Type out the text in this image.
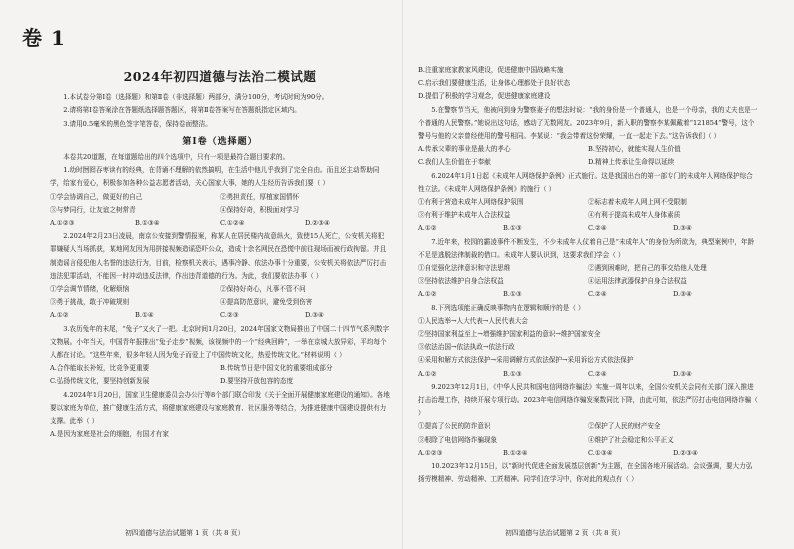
卷 1
2024年初四道德与法治二模试题

1.本试卷分第Ⅰ卷（选择题）和第Ⅱ卷（非选择题）两部分，满分100分，考试时间为90分。

2.请将第Ⅰ卷答案涂在答题纸选择题答题区，将第Ⅱ卷答案写在答题纸指定区域内。

3.请用0.5毫米的黑色签字笔答卷，保持卷面整洁。

第Ⅰ卷（选择题）

本卷共20道题，在每道题给出的四个选项中，只有一项是最符合题目要求的。

1.幼时囫囵吞枣读有的经典，在背诵不理解的依然搞明，在生活中他儿乎我到了完全自由。而且还主动帮助同学，给家有爱心，积极参加各种公益志愿者活动，关心国家大事，她的人生经历告诉我们要（ ）

①学会协调自己，做更好的自己	②勇担责任，厚植家国情怀
③与梦同行，让友谊之树常青	④保持好奇，积极面对学习
A.①②③	B.①③④	C.①②④	D.②③④

2.2024年2月23日凌晨，南京公安接到警情报案，称某人在居民楼内故意纵火，致使15人死亡，公安机关将犯罪嫌疑人当场抓获，某地网友因为用拼接视频造谣恐吓公众，造成十余名网民在恐慌中前往现场而被行政拘留。并且制造谣言侵犯他人名誉的违法行为，目前，检察机关表示，遇事冷静、依法办事十分重要，公安机关将依法严厉打击违法犯罪活动，不能因一时冲动违反法律，作出违背道德的行为。为此，我们要依法办事（ ）

①学会调节情绪，化解烦恼	②保持好奇心，凡事不管不问
③勇于挑战，敢于冲破规则	④提高防范意识，避免受到伤害
A.①②	B.①④	C.②③	D.③④

3.农历兔年的末尾，“兔子”又火了一把。北京时间1月20日，2024年国家文物局推出了中国二十四节气系列数字文物展。小年当天，中国青年报推出“兔子走步”视频，该视频中的一个“经典回眸”，一举在京城大放异彩，平均每个人都在讨论。“这些年来，很多年轻人因为兔子而爱上了中国传统文化，热爱传统文化。”材料说明（ ）

A.合作能取长补短，比竞争更重要	B.传统节日是中国文化的重要组成部分
C.弘扬传统文化，要坚持创新发展	D.要坚持开放包容的态度

4.2024年1月20日，国家卫生健康委员会办公厅等8个部门联合印发《关于全面开展健康家庭建设的通知》。各地要以家庭为单位，推广健康生活方式，将健康家庭建设与家庭教育、社区服务等结合，为推进健康中国建设提供有力支撑。此举（ ）

A.是因为家庭是社会的细胞，有国才有家

B.注重家庭家教家风建设，促进健康中国战略实施

C.启示我们要健康生活，让身体心理都处于良好状态

D.提倡了积极的学习观念，促进健康家庭建设

5.在警察节当天，他被问到身为警察妻子的想法时说：“我的身份是一个普通人，也是一个母亲，我的丈夫也是一个普通的人民警察。”她说出这句话，感动了无数网友。2023年9月，新入职的警察李某佩戴着“121854”警号，这个警号与他的父亲曾经使用的警号相同。李某说：“我会带着这份荣耀，一直一起走下去。”这告诉我们（ ）

A.传承父辈的事业是最大的孝心	B.坚持初心，就能实现人生价值
C.我们人生价值在于奉献	D.精神上传承让生命得以延续

6.2024年1月1日起《未成年人网络保护条例》正式施行。这是我国出台的第一部专门的未成年人网络保护综合性立法。《未成年人网络保护条例》的施行（ ）

①有利于营造未成年人网络保护氛围	②标志着未成年人网上网不受限制
③有利于维护未成年人合法权益	④有利于提高未成年人身体素质
A.①②	B.①③	C.②④	D.③④

7.近年来，校园的霸凌事件不断发生，不少未成年人仗着自己是“未成年人”的身份为所欲为，典型案例中，年龄不足是逃脱法律制裁的借口。未成年人要认识到，这要求我们学会（ ）

①自觉强化法律意识和守法思维	②遇到困难时，把自己的事交给他人处理
③坚持依法维护自身合法权益	④运用法律武器保护自身合法权益
A.①②	B.①③	C.②④	D.③④

8.下列选项能正确反映事物内在逻辑和顺序的是（ ）

①人民选举→人大代表→人民代表大会

②坚持国家利益至上→增强维护国家利益的意识→维护国家安全

③依法治国→依法执政→依法行政

④采用和解方式依法保护→采用调解方式依法保护→采用诉讼方式依法保护

A.①②	B.①③	C.②④	D.③④

9.2023年12月1日，《中华人民共和国电信网络诈骗法》实施一周年以来，全国公安机关会同有关部门深入推进打击治理工作，持续开展专项行动。2023年电信网络诈骗发案数同比下降，由此可知，依法严厉打击电信网络诈骗（ ）

①提高了公民的防诈意识	②保护了人民的财产安全
③根除了电信网络诈骗现象	④维护了社会稳定和公平正义
A.①②③	B.①②④	C.①③④	D.②③④

10.2023年12月15日，以“新时代促进全面发展基层创新”为主题，在全国各地开展活动。会议强调，要大力弘扬劳模精神、劳动精神、工匠精神。同学们在学习中，你对此的观点有（ ）

初四道德与法治试题第 1 页（共 8 页）	初四道德与法治试题第 2 页（共 8 页）
